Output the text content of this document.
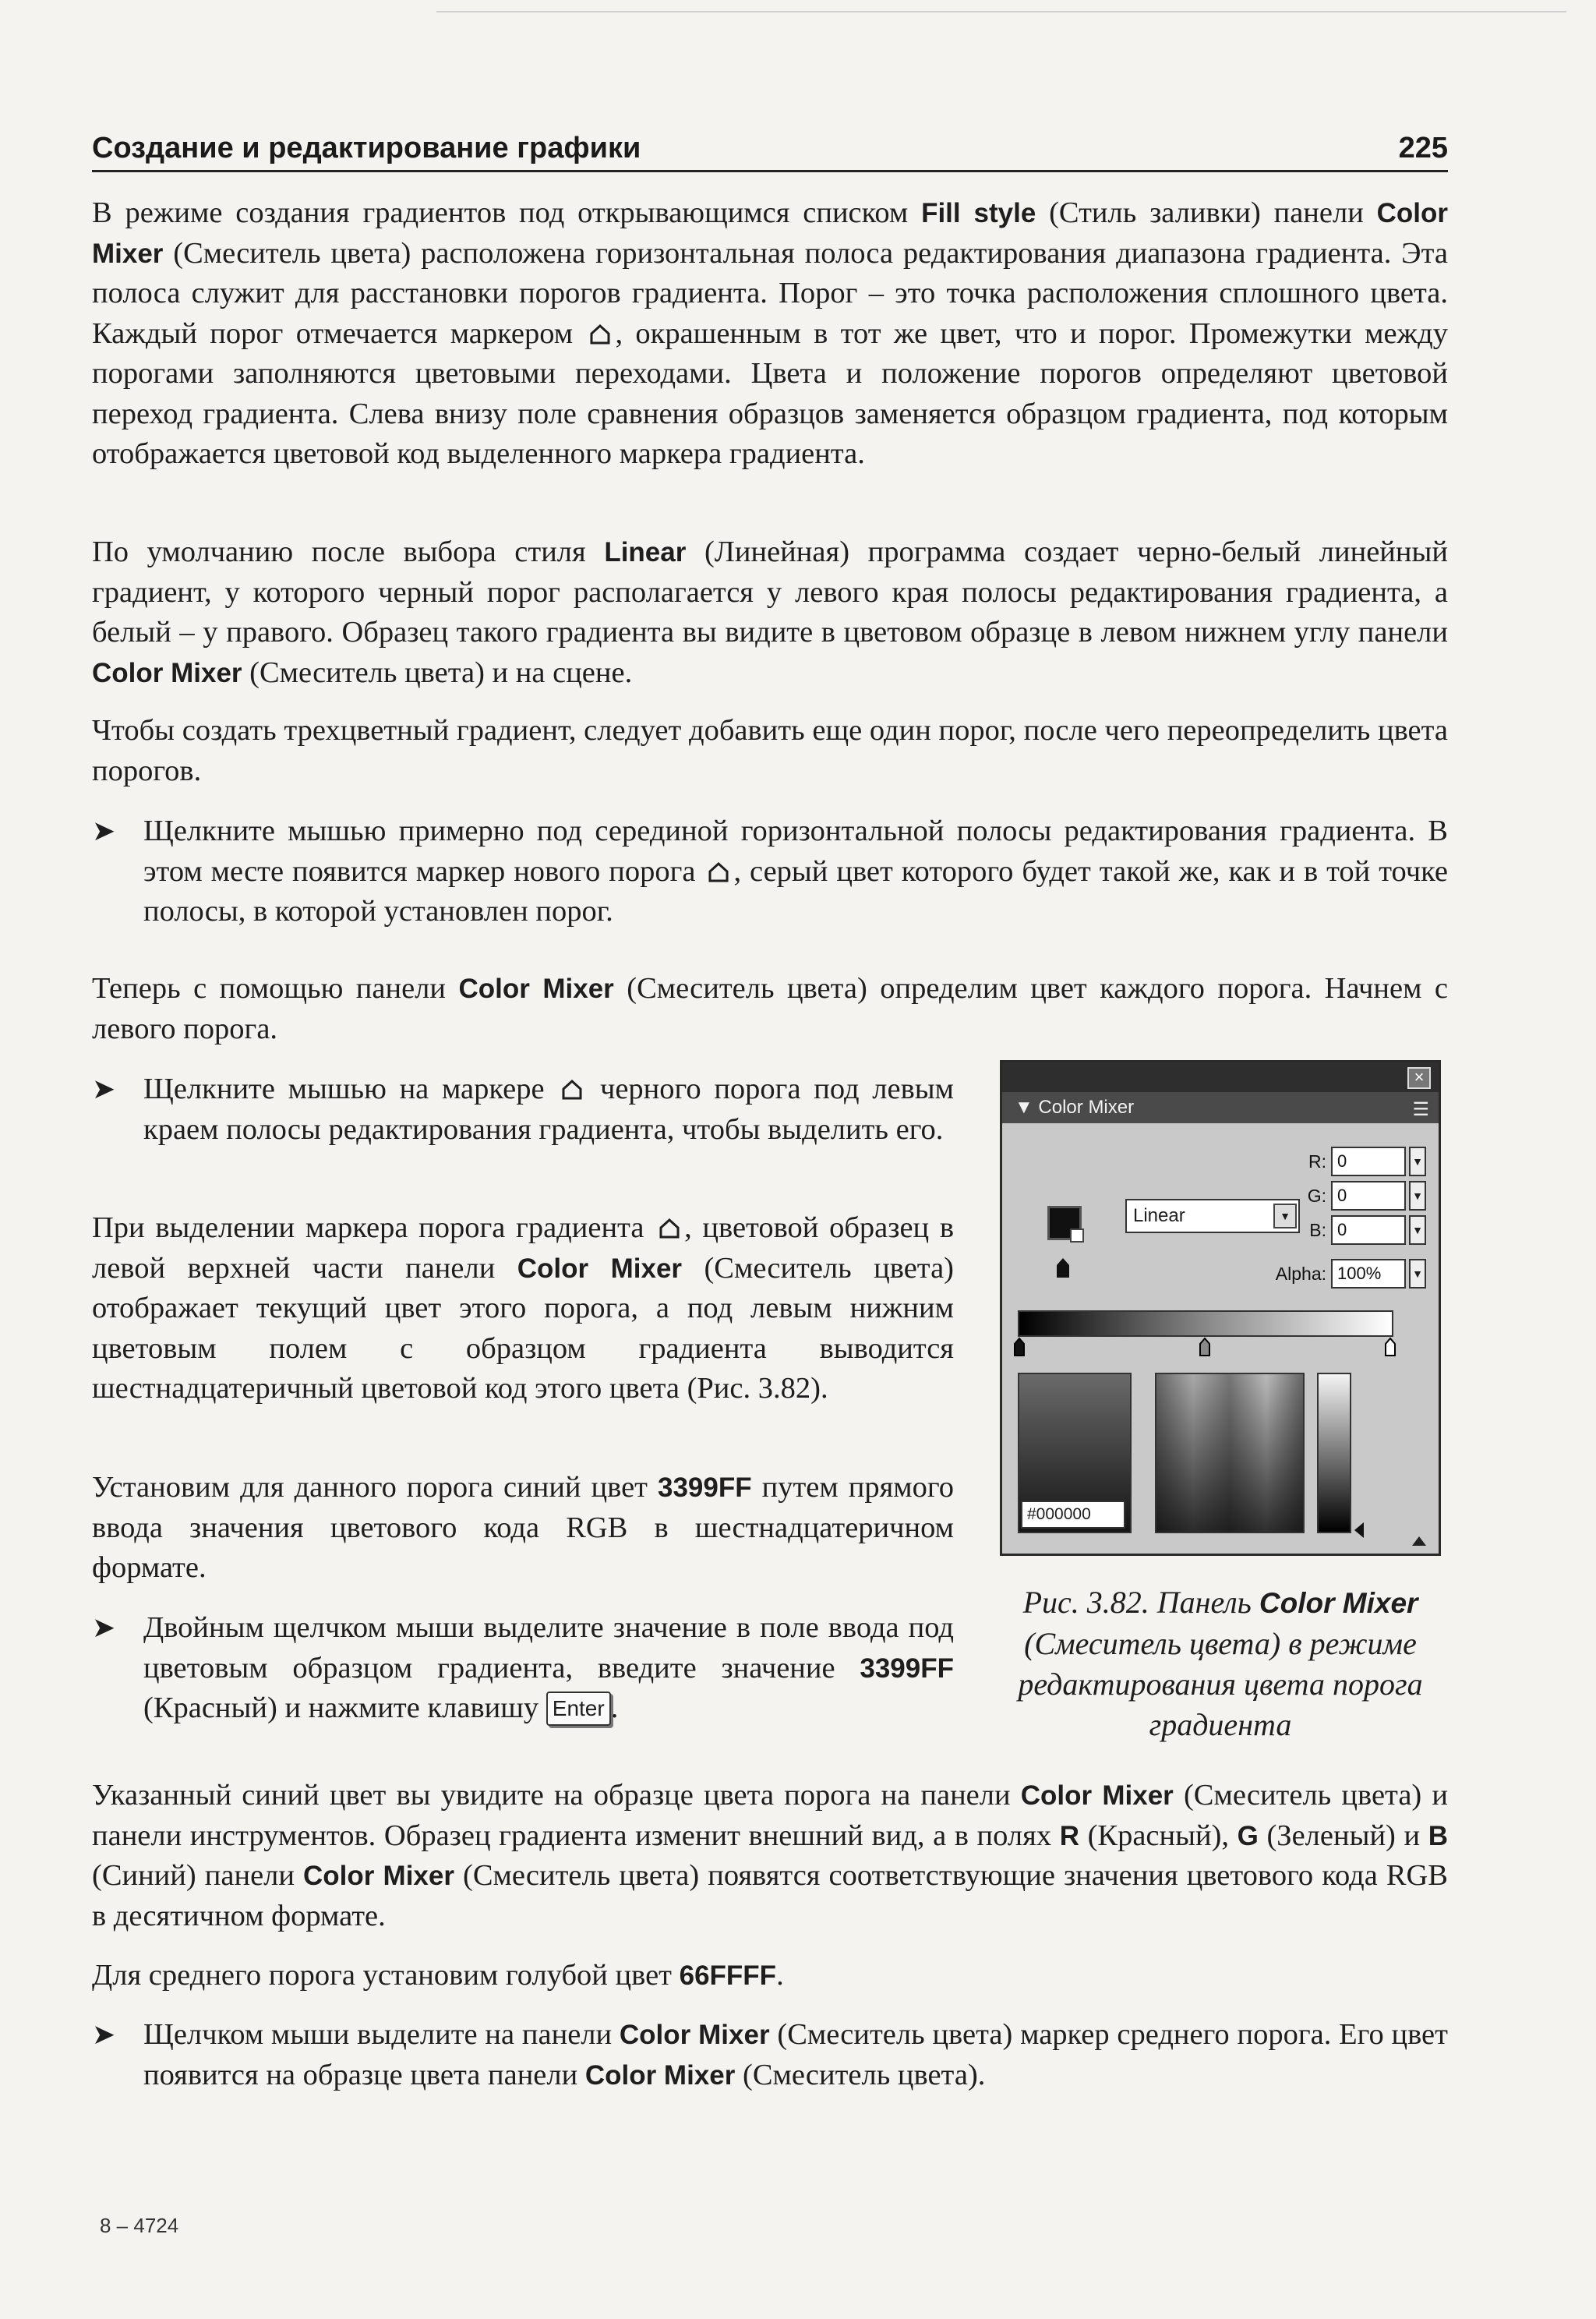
Создание и редактирование графики	225

В режиме создания градиентов под открывающимся списком Fill style (Стиль заливки) панели Color Mixer (Смеситель цвета) расположена горизонтальная полоса редактирования диапазона градиента. Эта полоса служит для расстановки порогов градиента. Порог – это точка расположения сплошного цвета. Каждый порог отмечается маркером , окрашенным в тот же цвет, что и порог. Промежутки между порогами заполняются цветовыми переходами. Цвета и положение порогов определяют цветовой переход градиента. Слева внизу поле сравнения образцов заменяется образцом градиента, под которым отображается цветовой код выделенного маркера градиента.

По умолчанию после выбора стиля Linear (Линейная) программа создает черно-белый линейный градиент, у которого черный порог располагается у левого края полосы редактирования градиента, а белый – у правого. Образец такого градиента вы видите в цветовом образце в левом нижнем углу панели Color Mixer (Смеситель цвета) и на сцене.

Чтобы создать трехцветный градиент, следует добавить еще один порог, после чего переопределить цвета порогов.

➤ Щелкните мышью примерно под серединой горизонтальной полосы редактирования градиента. В этом месте появится маркер нового порога , серый цвет которого будет такой же, как и в той точке полосы, в которой установлен порог.

Теперь с помощью панели Color Mixer (Смеситель цвета) определим цвет каждого порога. Начнем с левого порога.

➤ Щелкните мышью на маркере  черного порога под левым краем полосы редактирования градиента, чтобы выделить его.

При выделении маркера порога градиента , цветовой образец в левой верхней части панели Color Mixer (Смеситель цвета) отображает текущий цвет этого порога, а под левым нижним цветовым полем с образцом градиента выводится шестнадцатеричный цветовой код этого цвета (Рис. 3.82).

Установим для данного порога синий цвет 3399FF путем прямого ввода значения цветового кода RGB в шестнадцатеричном формате.

➤ Двойным щелчком мыши выделите значение в поле ввода под цветовым образцом градиента, введите значение 3399FF (Красный) и нажмите клавишу Enter .

×
▼ Color Mixer	☰
R: 0	▼
G: 0	▼
B: 0	▼
Alpha: 100%	▼
Linear	▼
#000000

Рис. 3.82. Панель Color Mixer (Смеситель цвета) в режиме редактирования цвета порога градиента

Указанный синий цвет вы увидите на образце цвета порога на панели Color Mixer (Смеситель цвета) и панели инструментов. Образец градиента изменит внешний вид, а в полях R (Красный), G (Зеленый) и B (Синий) панели Color Mixer (Смеситель цвета) появятся соответствующие значения цветового кода RGB в десятичном формате.

Для среднего порога установим голубой цвет 66FFFF.

➤ Щелчком мыши выделите на панели Color Mixer (Смеситель цвета) маркер среднего порога. Его цвет появится на образце цвета панели Color Mixer (Смеситель цвета).

8 – 4724
